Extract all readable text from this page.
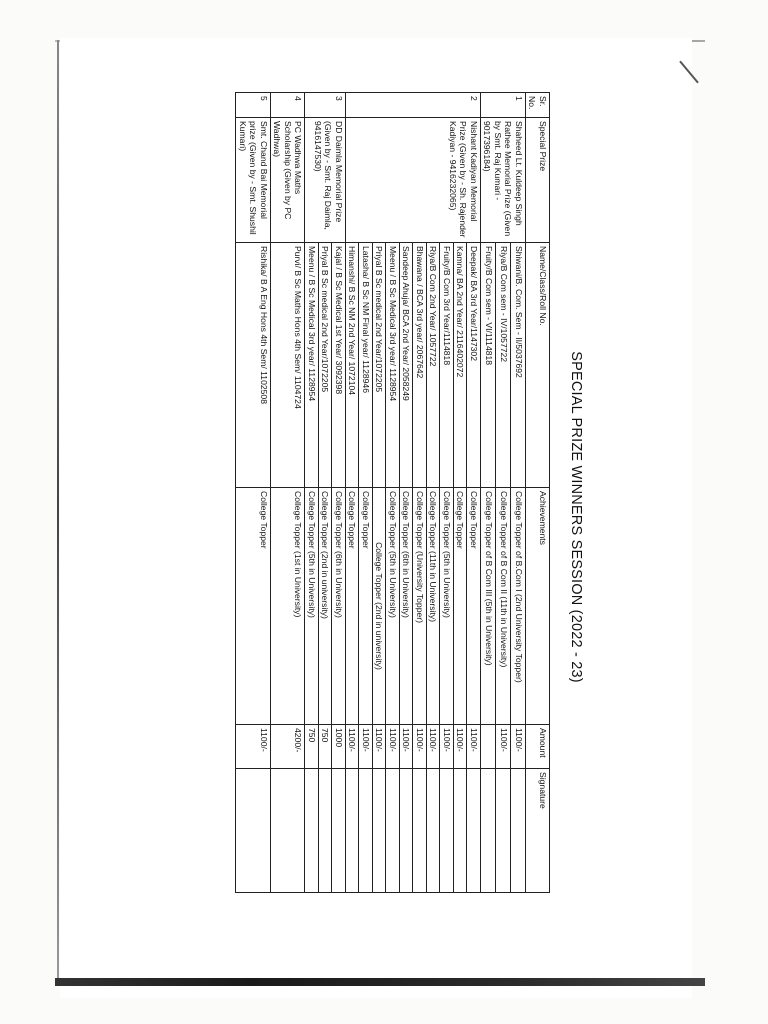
SPECIAL PRIZE WINNERS SESSION (2022 - 23)
Sr. No.	Special Prize	Name/Class/Roll No.	Achievements	Amount	Signature
1	Shaheed Lt. Kuldeep Singh Rathee Memorial Prize (Given by Smt. Raj Kumari - 9017396184)	Shiwani/B. Com. Sem - II/5037692	College Topper of B.Com I (2nd University Topper)	1100/-	
		Riya/B Com sem - IV/1057722	College Topper of B Com II (11th in University)	1100/-	
		Fruity/B Com sem - VI/1114818	College Topper of B Com III (5th in University)		
2	Nishant Kadiyan Memorial Prize (Given by - Sh. Rajender Kadiyan - 9416232065)	Deepak/ BA 3rd Year/1147302	College Topper	1100/-	
		Kamna/ BA 2nd Year/ 2116402072	College Topper	1100/-	
		Fruity/B Com 3rd Year/1114818	College Topper (5th in University)	1100/-	
		Riya/B Com 2nd Year/ 1057722	College Topper (11th in University)	1100/-	
		Bhawana / BCA 3rd year/ 2067642	College Topper (University Topper)	1100/-	
		Sandeep Ahuja/ BCA 2nd Year/ 2058249	College Topper (6th in University)	1100/-	
		Meenu / B Sc Medical 3rd year/ 1128954	College Topper (5th in University)	1100/-	
		Priyal B Sc medical 2nd Year/1072205	College Topper (2nd in university)	1100/-	
		Latasha/ B Sc NM Final year/ 1128946	College Topper	1100/-	
		Himanshi/ B Sc NM 2nd Year/ 1072104	College Topper	1100/-	
3	DD Daimla Memorial Prize (Given by - Smt. Raj Daimla, 9416147530)	Kajal / B Sc Medical 1st Year/ 3092398	College Topper (6th in University)	1000	
		Priyal B Sc medical 2nd Year/1072205	College Topper (2nd in university)	750	
		Meenu / B Sc Medical 3rd year/ 1128954	College Topper (5th in University)	750	
4	PC Wadhwa Maths Scholarship (Given by PC Wadhwa)	Purvi/ B Sc Maths Hons 4th Sem/ 1104724	College Topper (1st in University)	4200/-	
5	Smt. Chand Bai Memorial prize (Given by - Smt. Shushil Kumari)	Rishika/ B A Eng Hons 4th Sem/ 1102508	College Topper	1100/-	
